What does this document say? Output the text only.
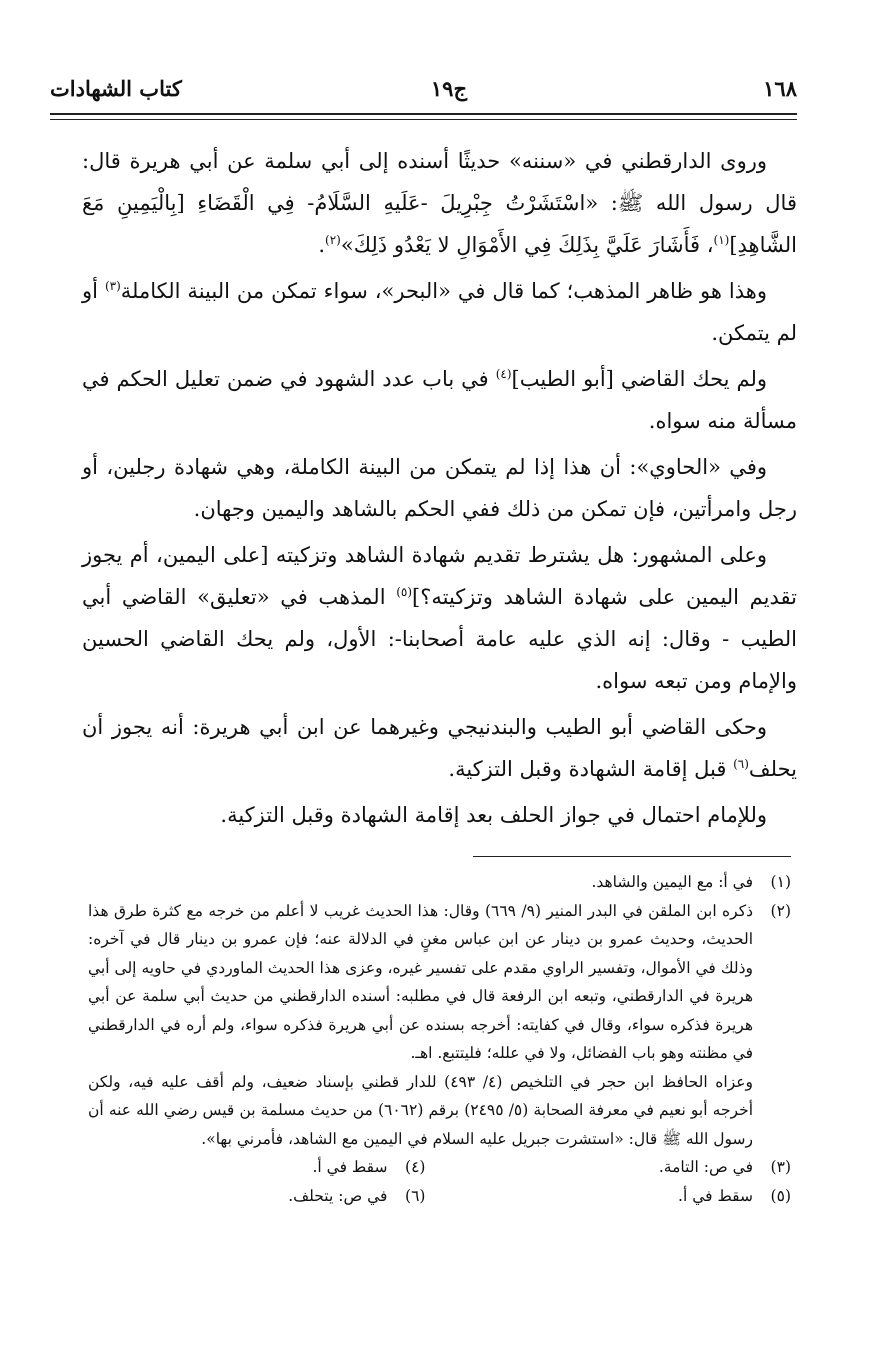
١٦٨
ج١٩
كتاب الشهادات

وروى الدارقطني في «سننه» حديثًا أسنده إلى أبي سلمة عن أبي هريرة قال: قال رسول الله ﷺ: «اسْتَشَرْتُ جِبْرِيلَ -عَلَيهِ السَّلَامُ- فِي الْقَضَاءِ [بِالْيَمِينِ مَعَ الشَّاهِدِ]$^{(١)}$، فَأَشَارَ عَلَيَّ بِذَلِكَ فِي الأَمْوَالِ لا يَعْدُو ذَلِكَ»$^{(٢)}$.

وهذا هو ظاهر المذهب؛ كما قال في «البحر»، سواء تمكن من البينة الكاملة$^{(٣)}$ أو لم يتمكن.

ولم يحك القاضي [أبو الطيب]$^{(٤)}$ في باب عدد الشهود في ضمن تعليل الحكم في مسألة منه سواه.

وفي «الحاوي»: أن هذا إذا لم يتمكن من البينة الكاملة، وهي شهادة رجلين، أو رجل وامرأتين، فإن تمكن من ذلك ففي الحكم بالشاهد واليمين وجهان.

وعلى المشهور: هل يشترط تقديم شهادة الشاهد وتزكيته [على اليمين، أم يجوز تقديم اليمين على شهادة الشاهد وتزكيته؟]$^{(٥)}$ المذهب في «تعليق» القاضي أبي الطيب - وقال: إنه الذي عليه عامة أصحابنا-: الأول، ولم يحك القاضي الحسين والإمام ومن تبعه سواه.

وحكى القاضي أبو الطيب والبندنيجي وغيرهما عن ابن أبي هريرة: أنه يجوز أن يحلف$^{(٦)}$ قبل إقامة الشهادة وقبل التزكية.

وللإمام احتمال في جواز الحلف بعد إقامة الشهادة وقبل التزكية.

(١)
في أ: مع اليمين والشاهد.
(٢)
ذكره ابن الملقن في البدر المنير (٩/ ٦٦٩) وقال: هذا الحديث غريب لا أعلم من خرجه مع كثرة طرق هذا الحديث، وحديث عمرو بن دينار عن ابن عباس مغنٍ في الدلالة عنه؛ فإن عمرو بن دينار قال في آخره: وذلك في الأموال، وتفسير الراوي مقدم على تفسير غيره، وعزى هذا الحديث الماوردي في حاويه إلى أبي هريرة في الدارقطني، وتبعه ابن الرفعة قال في مطلبه: أسنده الدارقطني من حديث أبي سلمة عن أبي هريرة فذكره سواء، وقال في كفايته: أخرجه بسنده عن أبي هريرة فذكره سواء، ولم أره في الدارقطني في مظنته وهو باب الفضائل، ولا في علله؛ فليتتبع. اهـ.
وعزاه الحافظ ابن حجر في التلخيص (٤/ ٤٩٣) للدار قطني بإسناد ضعيف، ولم أقف عليه فيه، ولكن أخرجه أبو نعيم في معرفة الصحابة (٥/ ٢٤٩٥) برقم (٦٠٦٢) من حديث مسلمة بن قيس رضي الله عنه أن رسول الله ﷺ قال: «استشرت جبريل عليه السلام في اليمين مع الشاهد، فأمرني بها».
(٣)
في ص: التامة.
(٤)
سقط في أ.
(٥)
سقط في أ.
(٦)
في ص: يتحلف.
